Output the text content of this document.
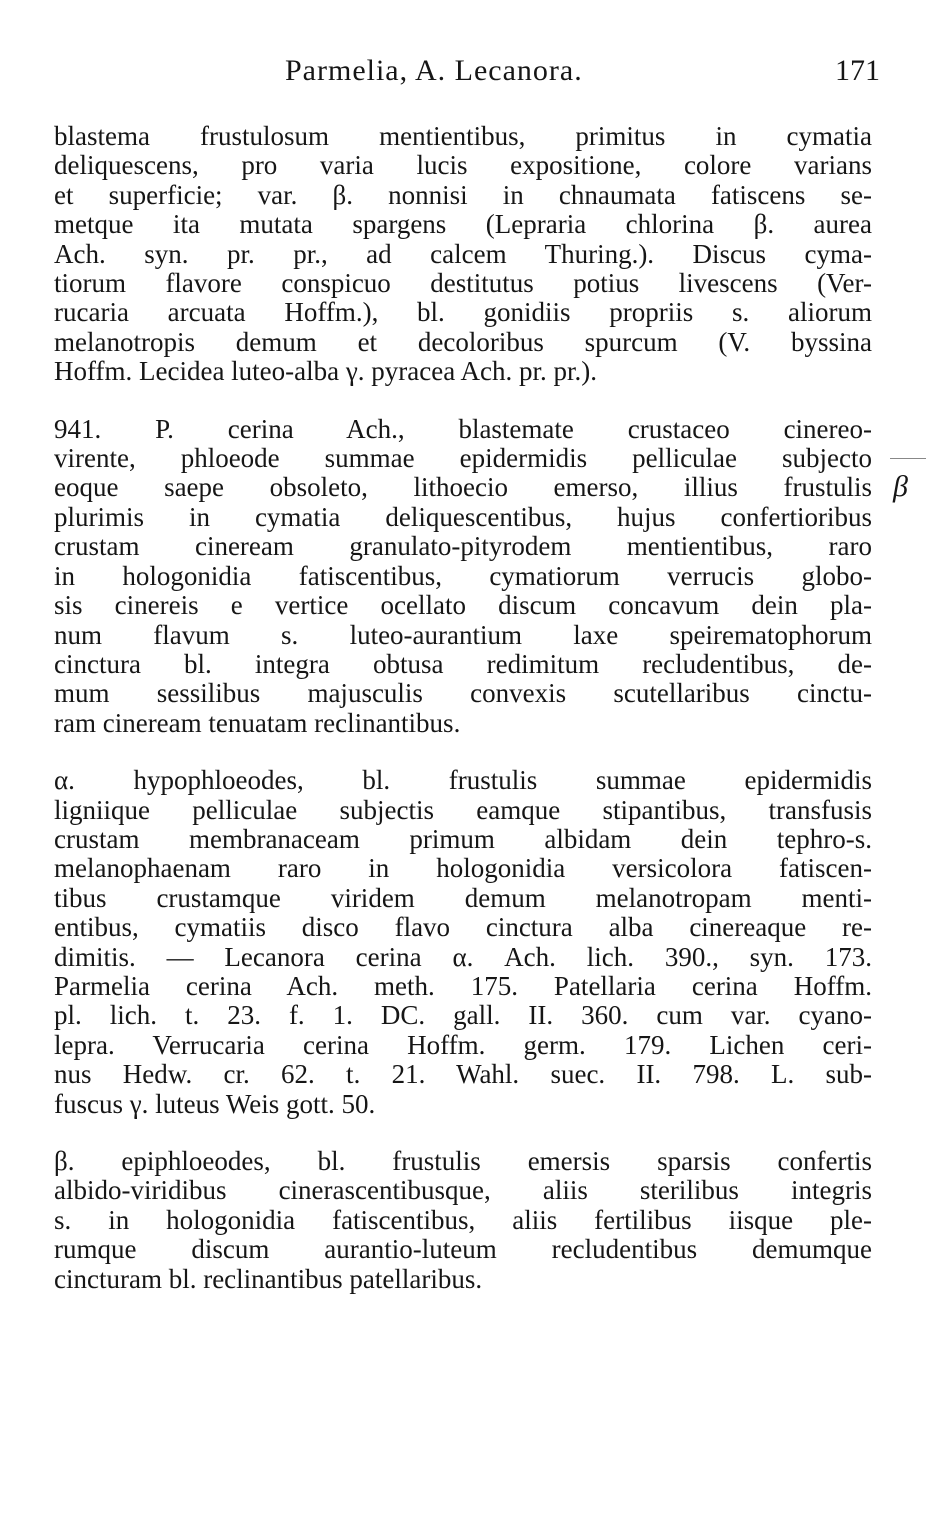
Parmelia, A. Lecanora.	171
β
blastema frustulosum mentientibus, primitus in cymatia
deliquescens, pro varia lucis expositione, colore varians
et superficie; var. β. nonnisi in chnaumata fatiscens se-
metque ita mutata spargens (Lepraria chlorina β. aurea
Ach. syn. pr. pr., ad calcem Thuring.). Discus cyma-
tiorum flavore conspicuo destitutus potius livescens (Ver-
rucaria arcuata Hoffm.), bl. gonidiis propriis s. aliorum
melanotropis demum et decoloribus spurcum (V. byssina
Hoffm. Lecidea luteo-alba γ. pyracea Ach. pr. pr.).
941. P. cerina Ach., blastemate crustaceo cinereo-
virente, phloeode summae epidermidis pelliculae subjecto
eoque saepe obsoleto, lithoecio emerso, illius frustulis
plurimis in cymatia deliquescentibus, hujus confertioribus
crustam cineream granulato-pityrodem mentientibus, raro
in hologonidia fatiscentibus, cymatiorum verrucis globo-
sis cinereis e vertice ocellato discum concavum dein pla-
num flavum s. luteo-aurantium laxe speirematophorum
cinctura bl. integra obtusa redimitum recludentibus, de-
mum sessilibus majusculis convexis scutellaribus cinctu-
ram cineream tenuatam reclinantibus.
α. hypophloeodes, bl. frustulis summae epidermidis
ligniique pelliculae subjectis eamque stipantibus, transfusis
crustam membranaceam primum albidam dein tephro-s.
melanophaenam raro in hologonidia versicolora fatiscen-
tibus crustamque viridem demum melanotropam menti-
entibus, cymatiis disco flavo cinctura alba cinereaque re-
dimitis. — Lecanora cerina α. Ach. lich. 390., syn. 173.
Parmelia cerina Ach. meth. 175. Patellaria cerina Hoffm.
pl. lich. t. 23. f. 1. DC. gall. II. 360. cum var. cyano-
lepra. Verrucaria cerina Hoffm. germ. 179. Lichen ceri-
nus Hedw. cr. 62. t. 21. Wahl. suec. II. 798. L. sub-
fuscus γ. luteus Weis gott. 50.
β. epiphloeodes, bl. frustulis emersis sparsis confertis
albido-viridibus cinerascentibusque, aliis sterilibus integris
s. in hologonidia fatiscentibus, aliis fertilibus iisque ple-
rumque discum aurantio-luteum recludentibus demumque
cincturam bl. reclinantibus patellaribus.
